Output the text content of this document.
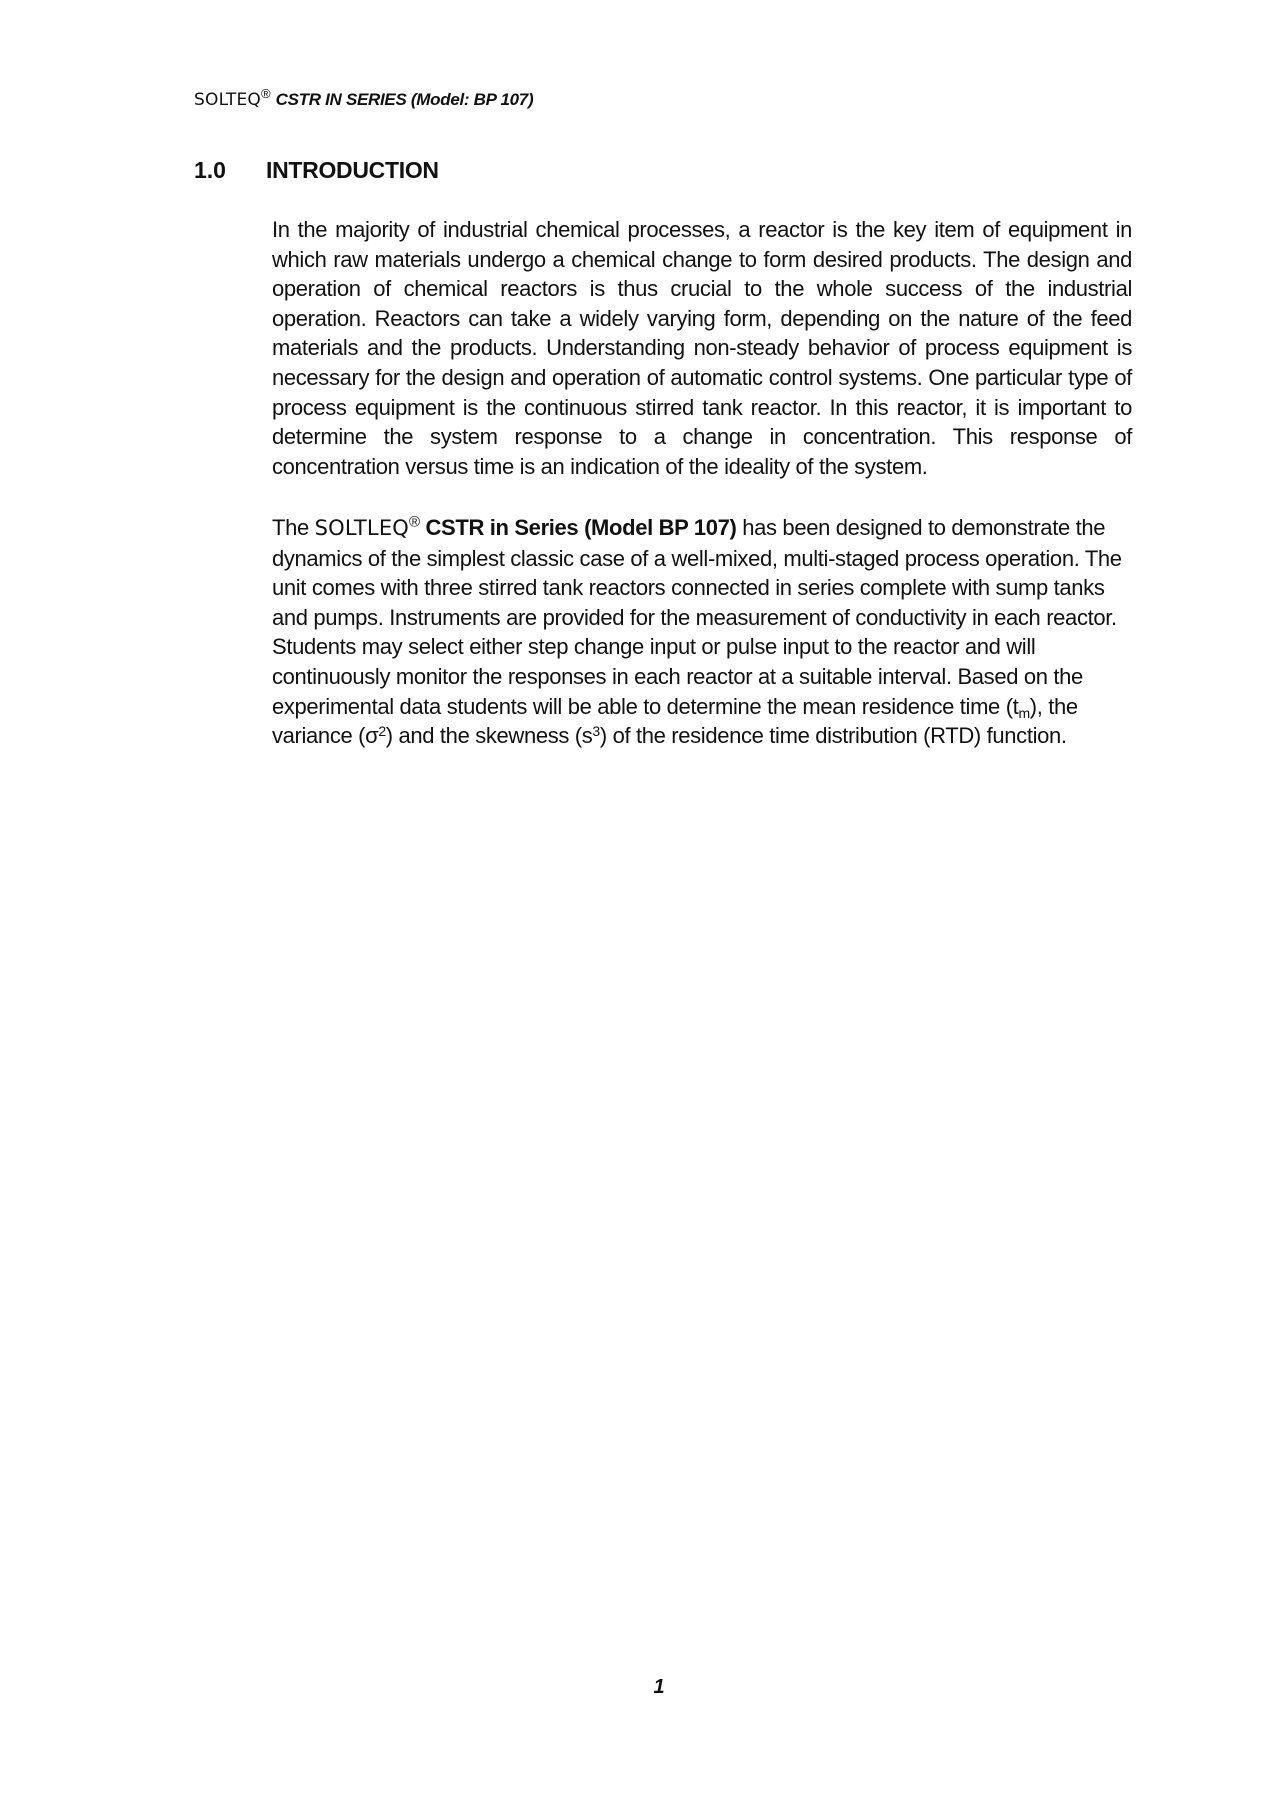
SOLTEQ® CSTR IN SERIES (Model: BP 107)
1.0 INTRODUCTION

In the majority of industrial chemical processes, a reactor is the key item of equipment in which raw materials undergo a chemical change to form desired products. The design and operation of chemical reactors is thus crucial to the whole success of the industrial operation. Reactors can take a widely varying form, depending on the nature of the feed materials and the products. Understanding non-steady behavior of process equipment is necessary for the design and operation of automatic control systems. One particular type of process equipment is the continuous stirred tank reactor. In this reactor, it is important to determine the system response to a change in concentration. This response of concentration versus time is an indication of the ideality of the system.

The SOLTLEQ® CSTR in Series (Model BP 107) has been designed to demonstrate the dynamics of the simplest classic case of a well-mixed, multi-staged process operation. The unit comes with three stirred tank reactors connected in series complete with sump tanks and pumps. Instruments are provided for the measurement of conductivity in each reactor. Students may select either step change input or pulse input to the reactor and will continuously monitor the responses in each reactor at a suitable interval. Based on the experimental data students will be able to determine the mean residence time $(t_m)$, the variance $(\sigma^2)$ and the skewness $(s^3)$ of the residence time distribution (RTD) function.

1
